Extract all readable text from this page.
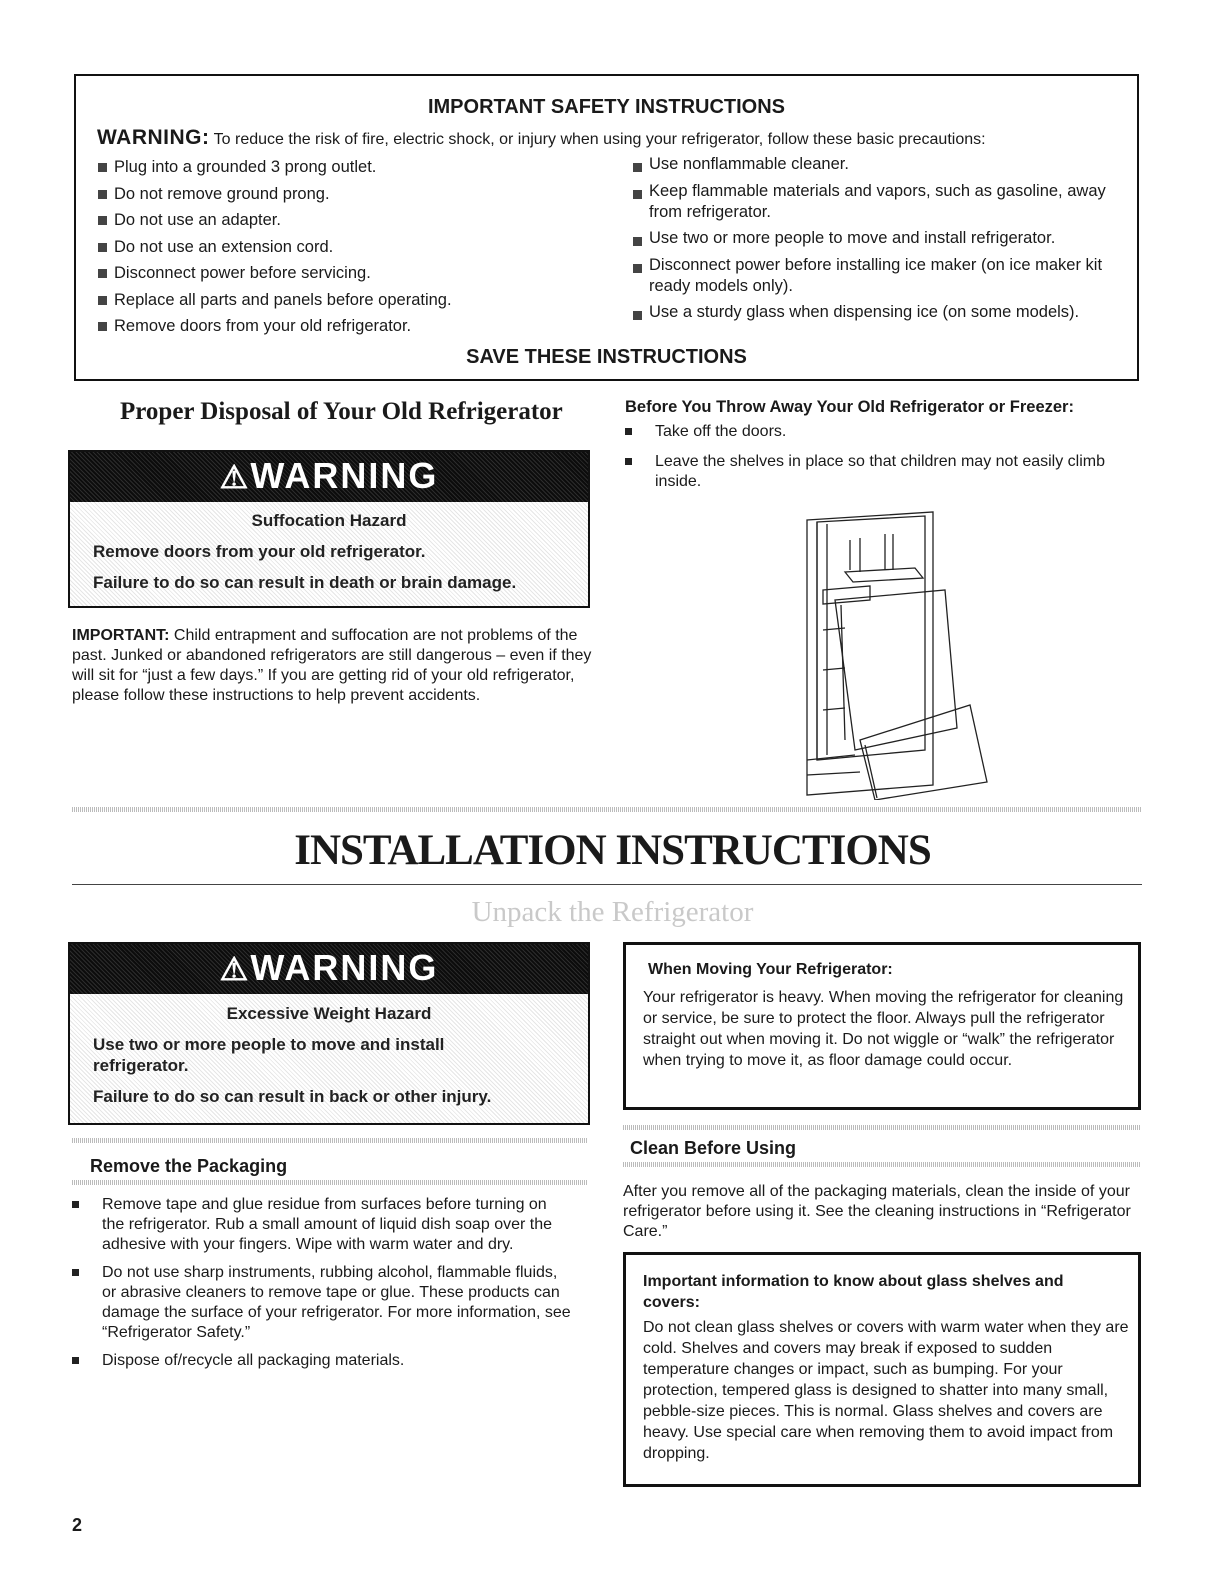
IMPORTANT SAFETY INSTRUCTIONS
WARNING: To reduce the risk of fire, electric shock, or injury when using your refrigerator, follow these basic precautions:
Plug into a grounded 3 prong outlet.
Do not remove ground prong.
Do not use an adapter.
Do not use an extension cord.
Disconnect power before servicing.
Replace all parts and panels before operating.
Remove doors from your old refrigerator.
Use nonflammable cleaner.
Keep flammable materials and vapors, such as gasoline, away from refrigerator.
Use two or more people to move and install refrigerator.
Disconnect power before installing ice maker (on ice maker kit ready models only).
Use a sturdy glass when dispensing ice (on some models).
SAVE THESE INSTRUCTIONS
Proper Disposal of Your Old Refrigerator
⚠WARNING
Suffocation Hazard
Remove doors from your old refrigerator.
Failure to do so can result in death or brain damage.
IMPORTANT: Child entrapment and suffocation are not problems of the past. Junked or abandoned refrigerators are still dangerous – even if they will sit for “just a few days.” If you are getting rid of your old refrigerator, please follow these instructions to help prevent accidents.
Before You Throw Away Your Old Refrigerator or Freezer:
Take off the doors.
Leave the shelves in place so that children may not easily climb inside.
INSTALLATION INSTRUCTIONS
Unpack the Refrigerator
⚠WARNING
Excessive Weight Hazard
Use two or more people to move and install
refrigerator.
Failure to do so can result in back or other injury.
When Moving Your Refrigerator:
Your refrigerator is heavy. When moving the refrigerator for cleaning or service, be sure to protect the floor. Always pull the refrigerator straight out when moving it. Do not wiggle or “walk” the refrigerator when trying to move it, as floor damage could occur.
Remove the Packaging
Remove tape and glue residue from surfaces before turning on the refrigerator. Rub a small amount of liquid dish soap over the adhesive with your fingers. Wipe with warm water and dry.
Do not use sharp instruments, rubbing alcohol, flammable fluids, or abrasive cleaners to remove tape or glue. These products can damage the surface of your refrigerator. For more information, see “Refrigerator Safety.”
Dispose of/recycle all packaging materials.
Clean Before Using
After you remove all of the packaging materials, clean the inside of your refrigerator before using it. See the cleaning instructions in “Refrigerator Care.”
Important information to know about glass shelves and covers:
Do not clean glass shelves or covers with warm water when they are cold. Shelves and covers may break if exposed to sudden temperature changes or impact, such as bumping. For your protection, tempered glass is designed to shatter into many small, pebble-size pieces. This is normal. Glass shelves and covers are heavy. Use special care when removing them to avoid impact from dropping.
2
